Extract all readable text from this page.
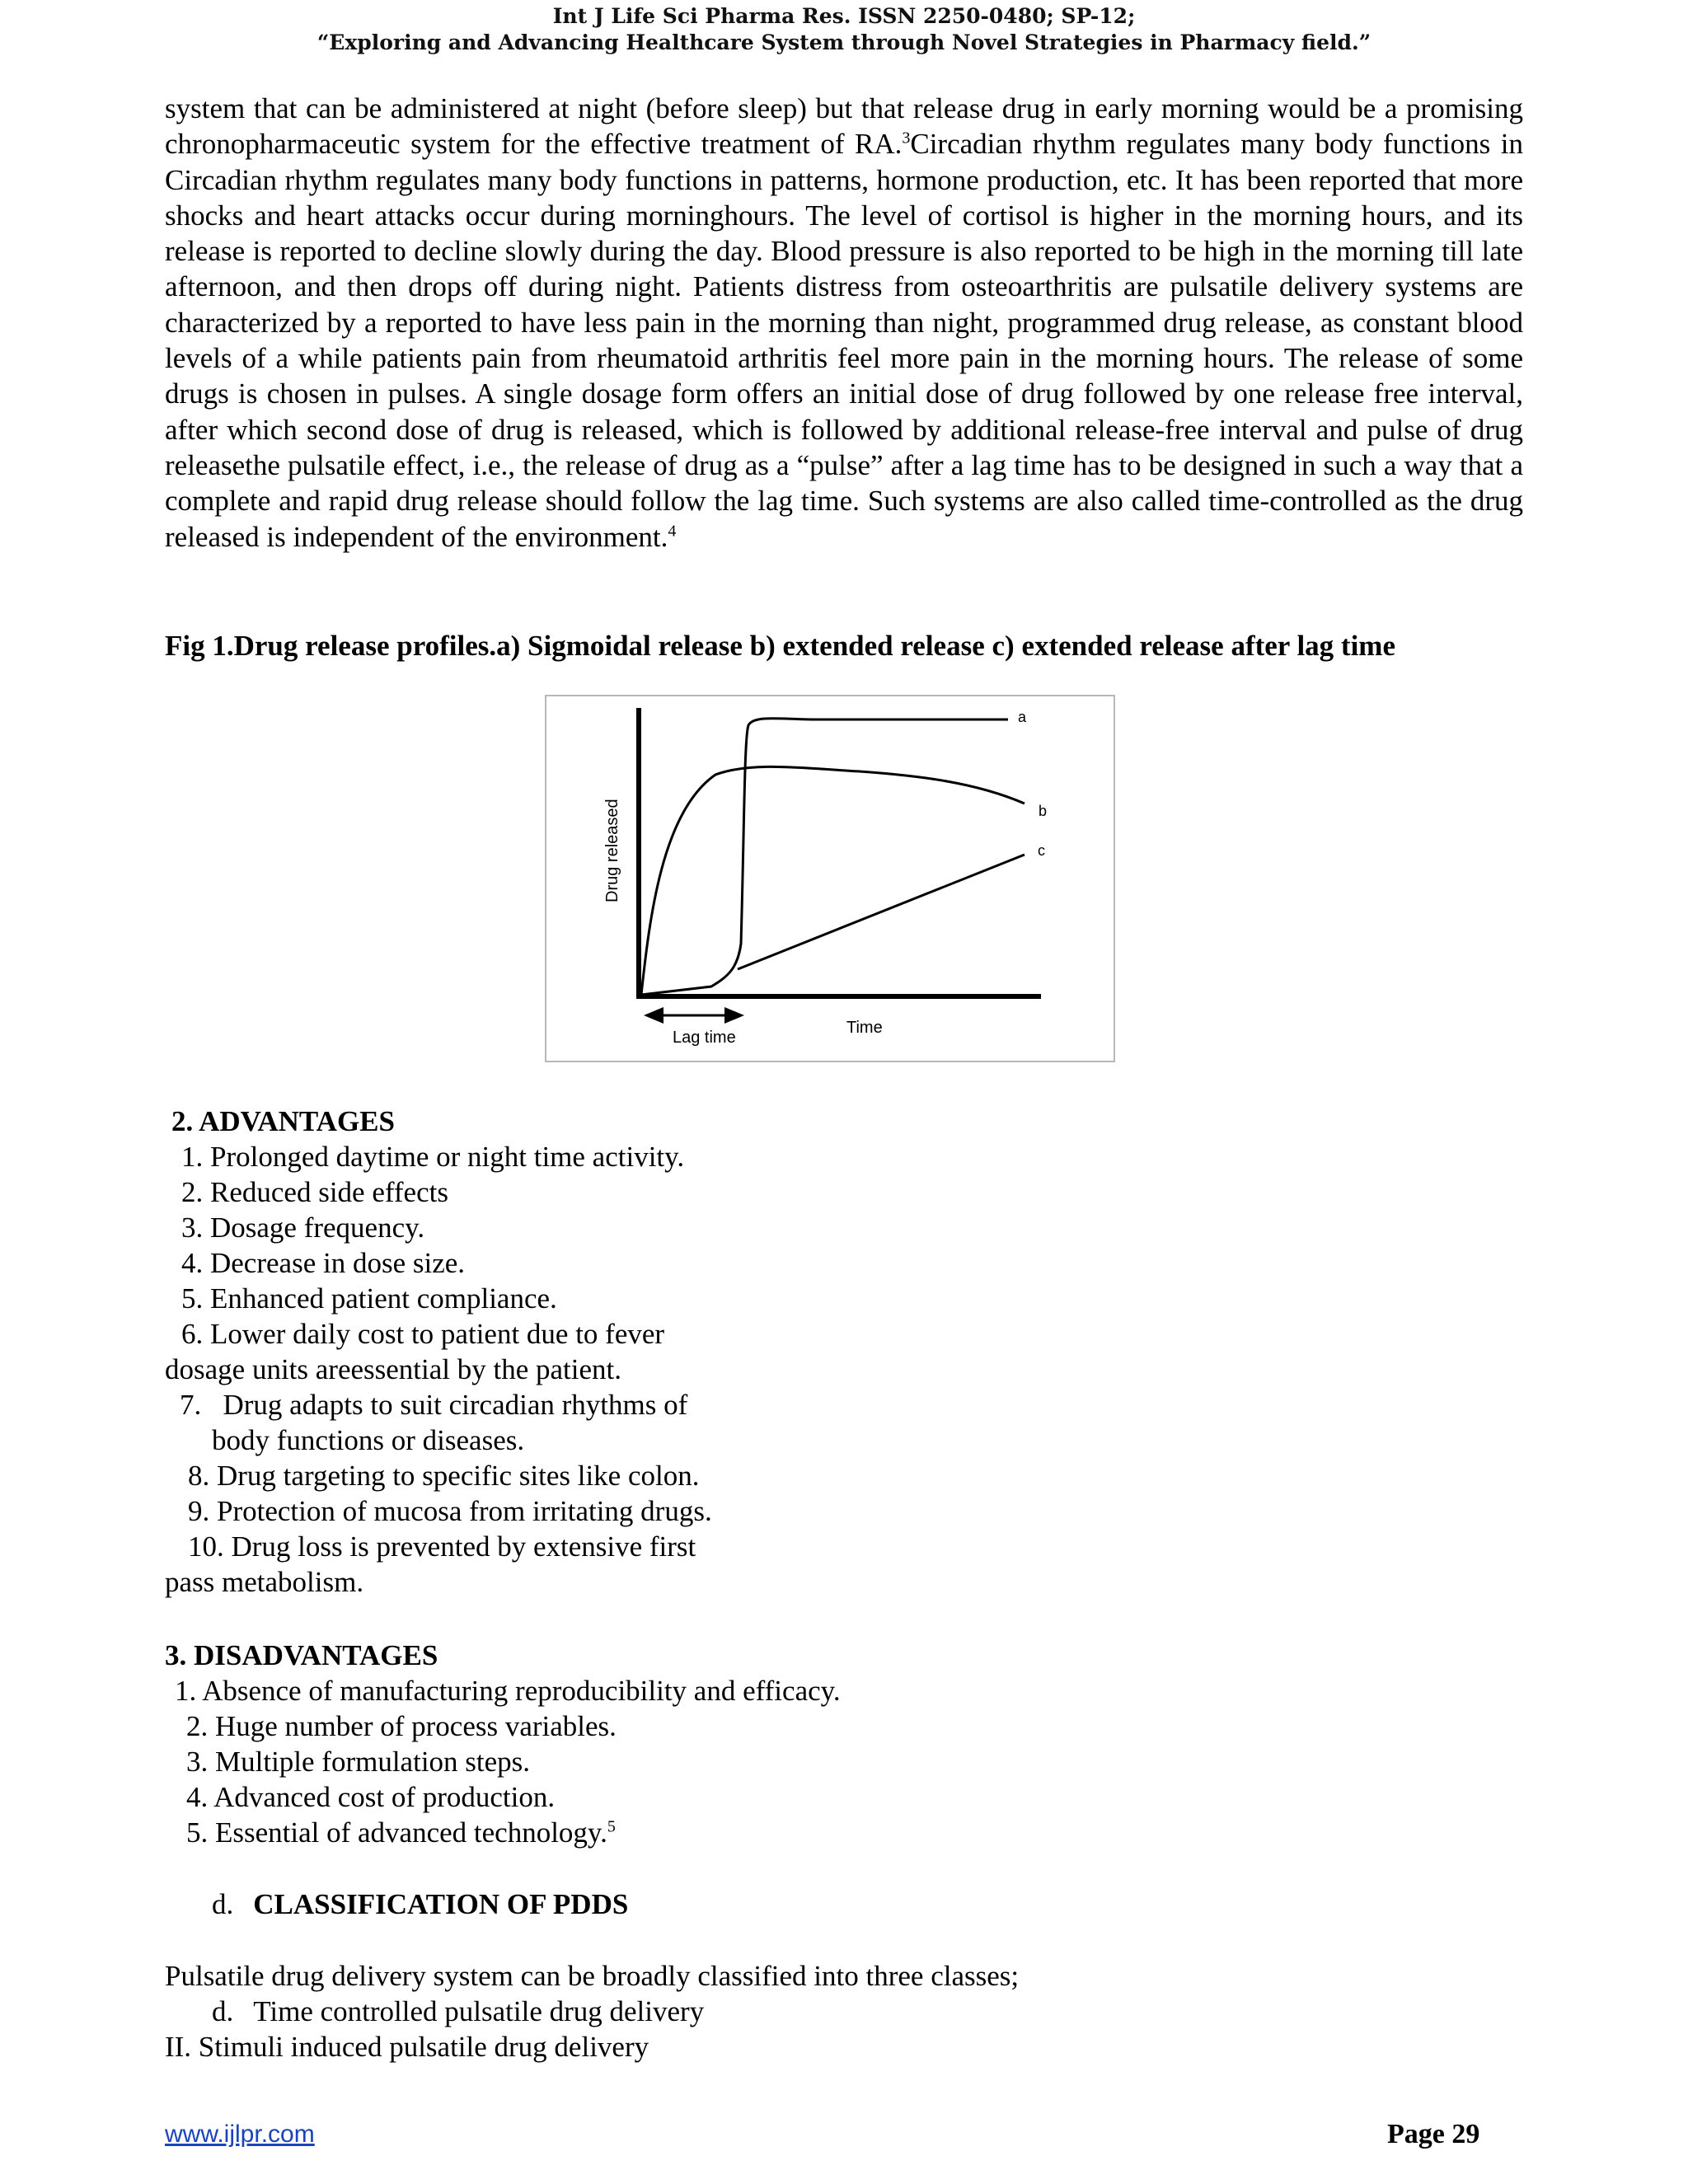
Int J Life Sci Pharma Res. ISSN 2250-0480; SP-12;
“Exploring and Advancing Healthcare System through Novel Strategies in Pharmacy field.”

system that can be administered at night (before sleep) but that release drug in early morning would be a promising chronopharmaceutic system for the effective treatment of RA.$^3$Circadian rhythm regulates many body functions in Circadian rhythm regulates many body functions in patterns, hormone production, etc. It has been reported that more shocks and heart attacks occur during morninghours. The level of cortisol is higher in the morning hours, and its release is reported to decline slowly during the day. Blood pressure is also reported to be high in the morning till late afternoon, and then drops off during night. Patients distress from osteoarthritis are pulsatile delivery systems are characterized by a reported to have less pain in the morning than night, programmed drug release, as constant blood levels of a while patients pain from rheumatoid arthritis feel more pain in the morning hours. The release of some drugs is chosen in pulses. A single dosage form offers an initial dose of drug followed by one release free interval, after which second dose of drug is released, which is followed by additional release-free interval and pulse of drug releasethe pulsatile effect, i.e., the release of drug as a “pulse” after a lag time has to be designed in such a way that a complete and rapid drug release should follow the lag time. Such systems are also called time-controlled as the drug released is independent of the environment.$^4$

Fig 1.Drug release profiles.a) Sigmoidal release b) extended release c) extended release after lag time
Drug released
Time
Lag time
a
b
c
2. ADVANTAGES
1. Prolonged daytime or night time activity.
2. Reduced side effects
3. Dosage frequency.
4. Decrease in dose size.
5. Enhanced patient compliance.
6. Lower daily cost to patient due to fever
dosage units areessential by the patient.
7.   Drug adapts to suit circadian rhythms of
body functions or diseases.
8. Drug targeting to specific sites like colon.
9. Protection of mucosa from irritating drugs.
10. Drug loss is prevented by extensive first
pass metabolism.
3. DISADVANTAGES
1. Absence of manufacturing reproducibility and efficacy.
2. Huge number of process variables.
3. Multiple formulation steps.
4. Advanced cost of production.
5. Essential of advanced technology.$^5$
d. CLASSIFICATION OF PDDS
Pulsatile drug delivery system can be broadly classified into three classes;
d. Time controlled pulsatile drug delivery
II. Stimuli induced pulsatile drug delivery
www.ijlpr.com	Page 29
